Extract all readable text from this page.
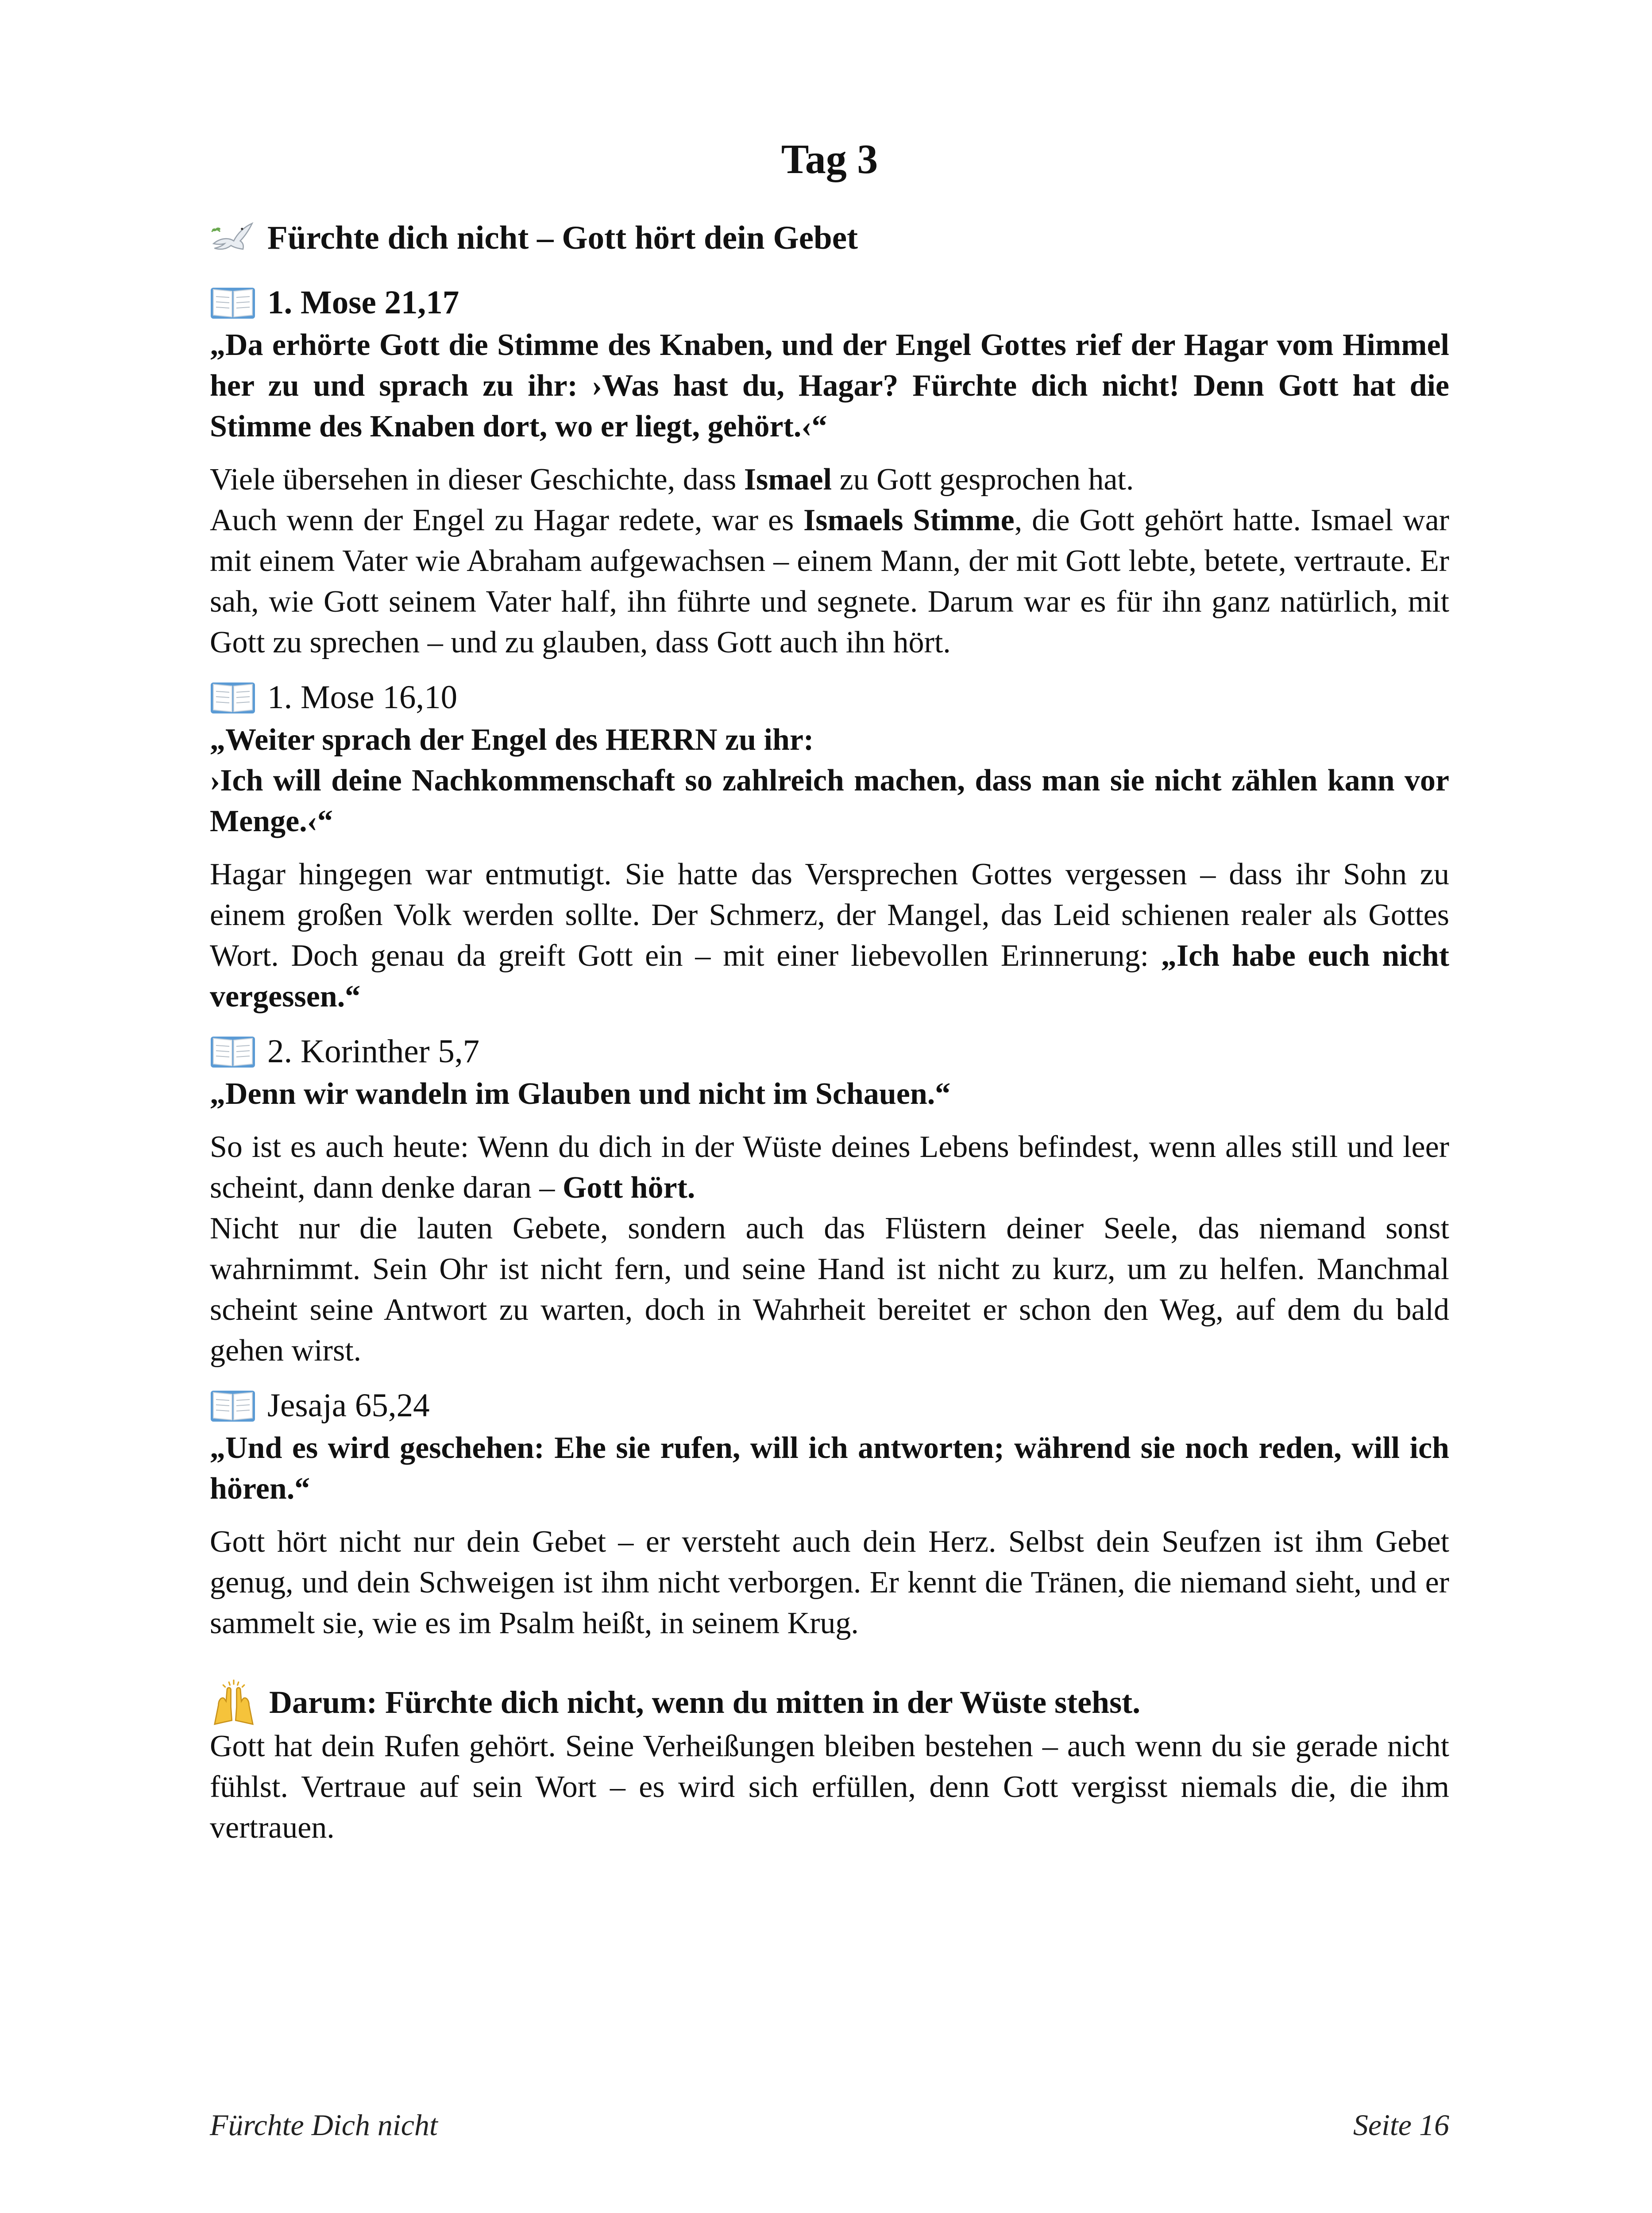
Tag 3
Fürchte dich nicht – Gott hört dein Gebet
1. Mose 21,17
„Da erhörte Gott die Stimme des Knaben, und der Engel Gottes rief der Hagar vom Himmel her zu und sprach zu ihr: ›Was hast du, Hagar? Fürchte dich nicht! Denn Gott hat die Stimme des Knaben dort, wo er liegt, gehört.‹“
Viele übersehen in dieser Geschichte, dass Ismael zu Gott gesprochen hat.
Auch wenn der Engel zu Hagar redete, war es Ismaels Stimme, die Gott gehört hatte. Ismael war mit einem Vater wie Abraham aufgewachsen – einem Mann, der mit Gott lebte, betete, vertraute. Er sah, wie Gott seinem Vater half, ihn führte und segnete. Darum war es für ihn ganz natürlich, mit Gott zu sprechen – und zu glauben, dass Gott auch ihn hört.
1. Mose 16,10
„Weiter sprach der Engel des HERRN zu ihr:
›Ich will deine Nachkommenschaft so zahlreich machen, dass man sie nicht zählen kann vor Menge.‹“
Hagar hingegen war entmutigt. Sie hatte das Versprechen Gottes vergessen – dass ihr Sohn zu einem großen Volk werden sollte. Der Schmerz, der Mangel, das Leid schienen realer als Gottes Wort. Doch genau da greift Gott ein – mit einer liebevollen Erinnerung: „Ich habe euch nicht vergessen.“
2. Korinther 5,7
„Denn wir wandeln im Glauben und nicht im Schauen.“
So ist es auch heute: Wenn du dich in der Wüste deines Lebens befindest, wenn alles still und leer scheint, dann denke daran – Gott hört.
Nicht nur die lauten Gebete, sondern auch das Flüstern deiner Seele, das niemand sonst wahrnimmt. Sein Ohr ist nicht fern, und seine Hand ist nicht zu kurz, um zu helfen. Manchmal scheint seine Antwort zu warten, doch in Wahrheit bereitet er schon den Weg, auf dem du bald gehen wirst.
Jesaja 65,24
„Und es wird geschehen: Ehe sie rufen, will ich antworten; während sie noch reden, will ich hören.“
Gott hört nicht nur dein Gebet – er versteht auch dein Herz. Selbst dein Seufzen ist ihm Gebet genug, und dein Schweigen ist ihm nicht verborgen. Er kennt die Tränen, die niemand sieht, und er sammelt sie, wie es im Psalm heißt, in seinem Krug.
Darum: Fürchte dich nicht, wenn du mitten in der Wüste stehst.
Gott hat dein Rufen gehört. Seine Verheißungen bleiben bestehen – auch wenn du sie gerade nicht fühlst. Vertraue auf sein Wort – es wird sich erfüllen, denn Gott vergisst niemals die, die ihm vertrauen.
Fürchte Dich nicht	Seite 16
